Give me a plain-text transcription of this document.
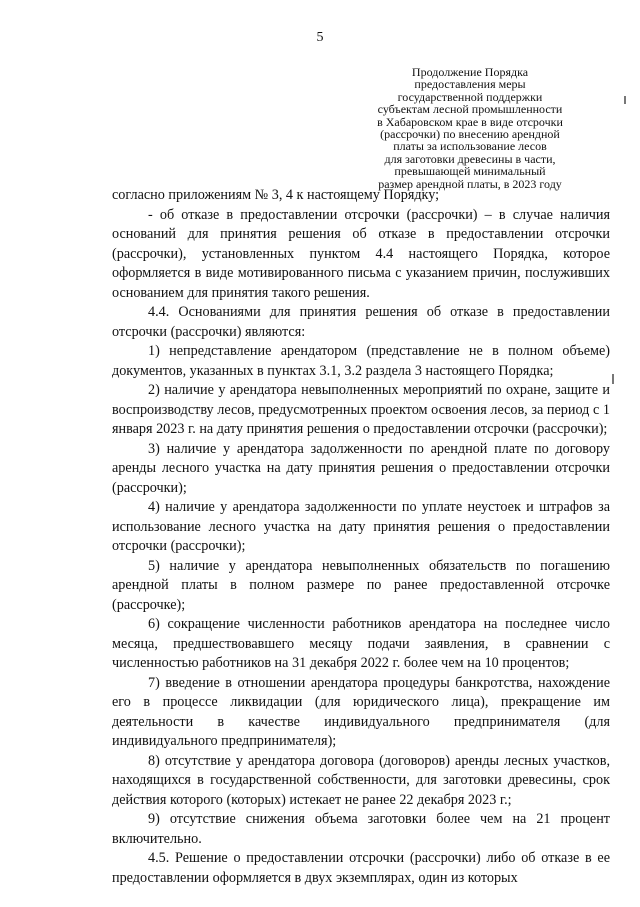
5
Продолжение Порядка
предоставления меры
государственной поддержки
субъектам лесной промышленности
в Хабаровском крае в виде отсрочки
(рассрочки) по внесению арендной
платы за использование лесов
для заготовки древесины в части,
превышающей минимальный
размер арендной платы, в 2023 году

согласно приложениям № 3, 4 к настоящему Порядку;

- об отказе в предоставлении отсрочки (рассрочки) – в случае наличия оснований для принятия решения об отказе в предоставлении отсрочки (рассрочки), установленных пунктом 4.4 настоящего Порядка, которое оформляется в виде мотивированного письма с указанием причин, послуживших основанием для принятия такого решения.

4.4. Основаниями для принятия решения об отказе в предоставлении отсрочки (рассрочки) являются:

1) непредставление арендатором (представление не в полном объеме) документов, указанных в пунктах 3.1, 3.2 раздела 3 настоящего Порядка;

2) наличие у арендатора невыполненных мероприятий по охране, защите и воспроизводству лесов, предусмотренных проектом освоения лесов, за период с 1 января 2023 г. на дату принятия решения о предоставлении отсрочки (рассрочки);

3) наличие у арендатора задолженности по арендной плате по договору аренды лесного участка на дату принятия решения о предоставлении отсрочки (рассрочки);

4) наличие у арендатора задолженности по уплате неустоек и штрафов за использование лесного участка на дату принятия решения о предоставлении отсрочки (рассрочки);

5) наличие у арендатора невыполненных обязательств по погашению арендной платы в полном размере по ранее предоставленной отсрочке (рассрочке);

6) сокращение численности работников арендатора на последнее число месяца, предшествовавшего месяцу подачи заявления, в сравнении с численностью работников на 31 декабря 2022 г. более чем на 10 процентов;

7) введение в отношении арендатора процедуры банкротства, нахождение его в процессе ликвидации (для юридического лица), прекращение им деятельности в качестве индивидуального предпринимателя (для индивидуального предпринимателя);

8) отсутствие у арендатора договора (договоров) аренды лесных участков, находящихся в государственной собственности, для заготовки древесины, срок действия которого (которых) истекает не ранее 22 декабря 2023 г.;

9) отсутствие снижения объема заготовки более чем на 21 процент включительно.

4.5. Решение о предоставлении отсрочки (рассрочки) либо об отказе в ее предоставлении оформляется в двух экземплярах, один из которых
